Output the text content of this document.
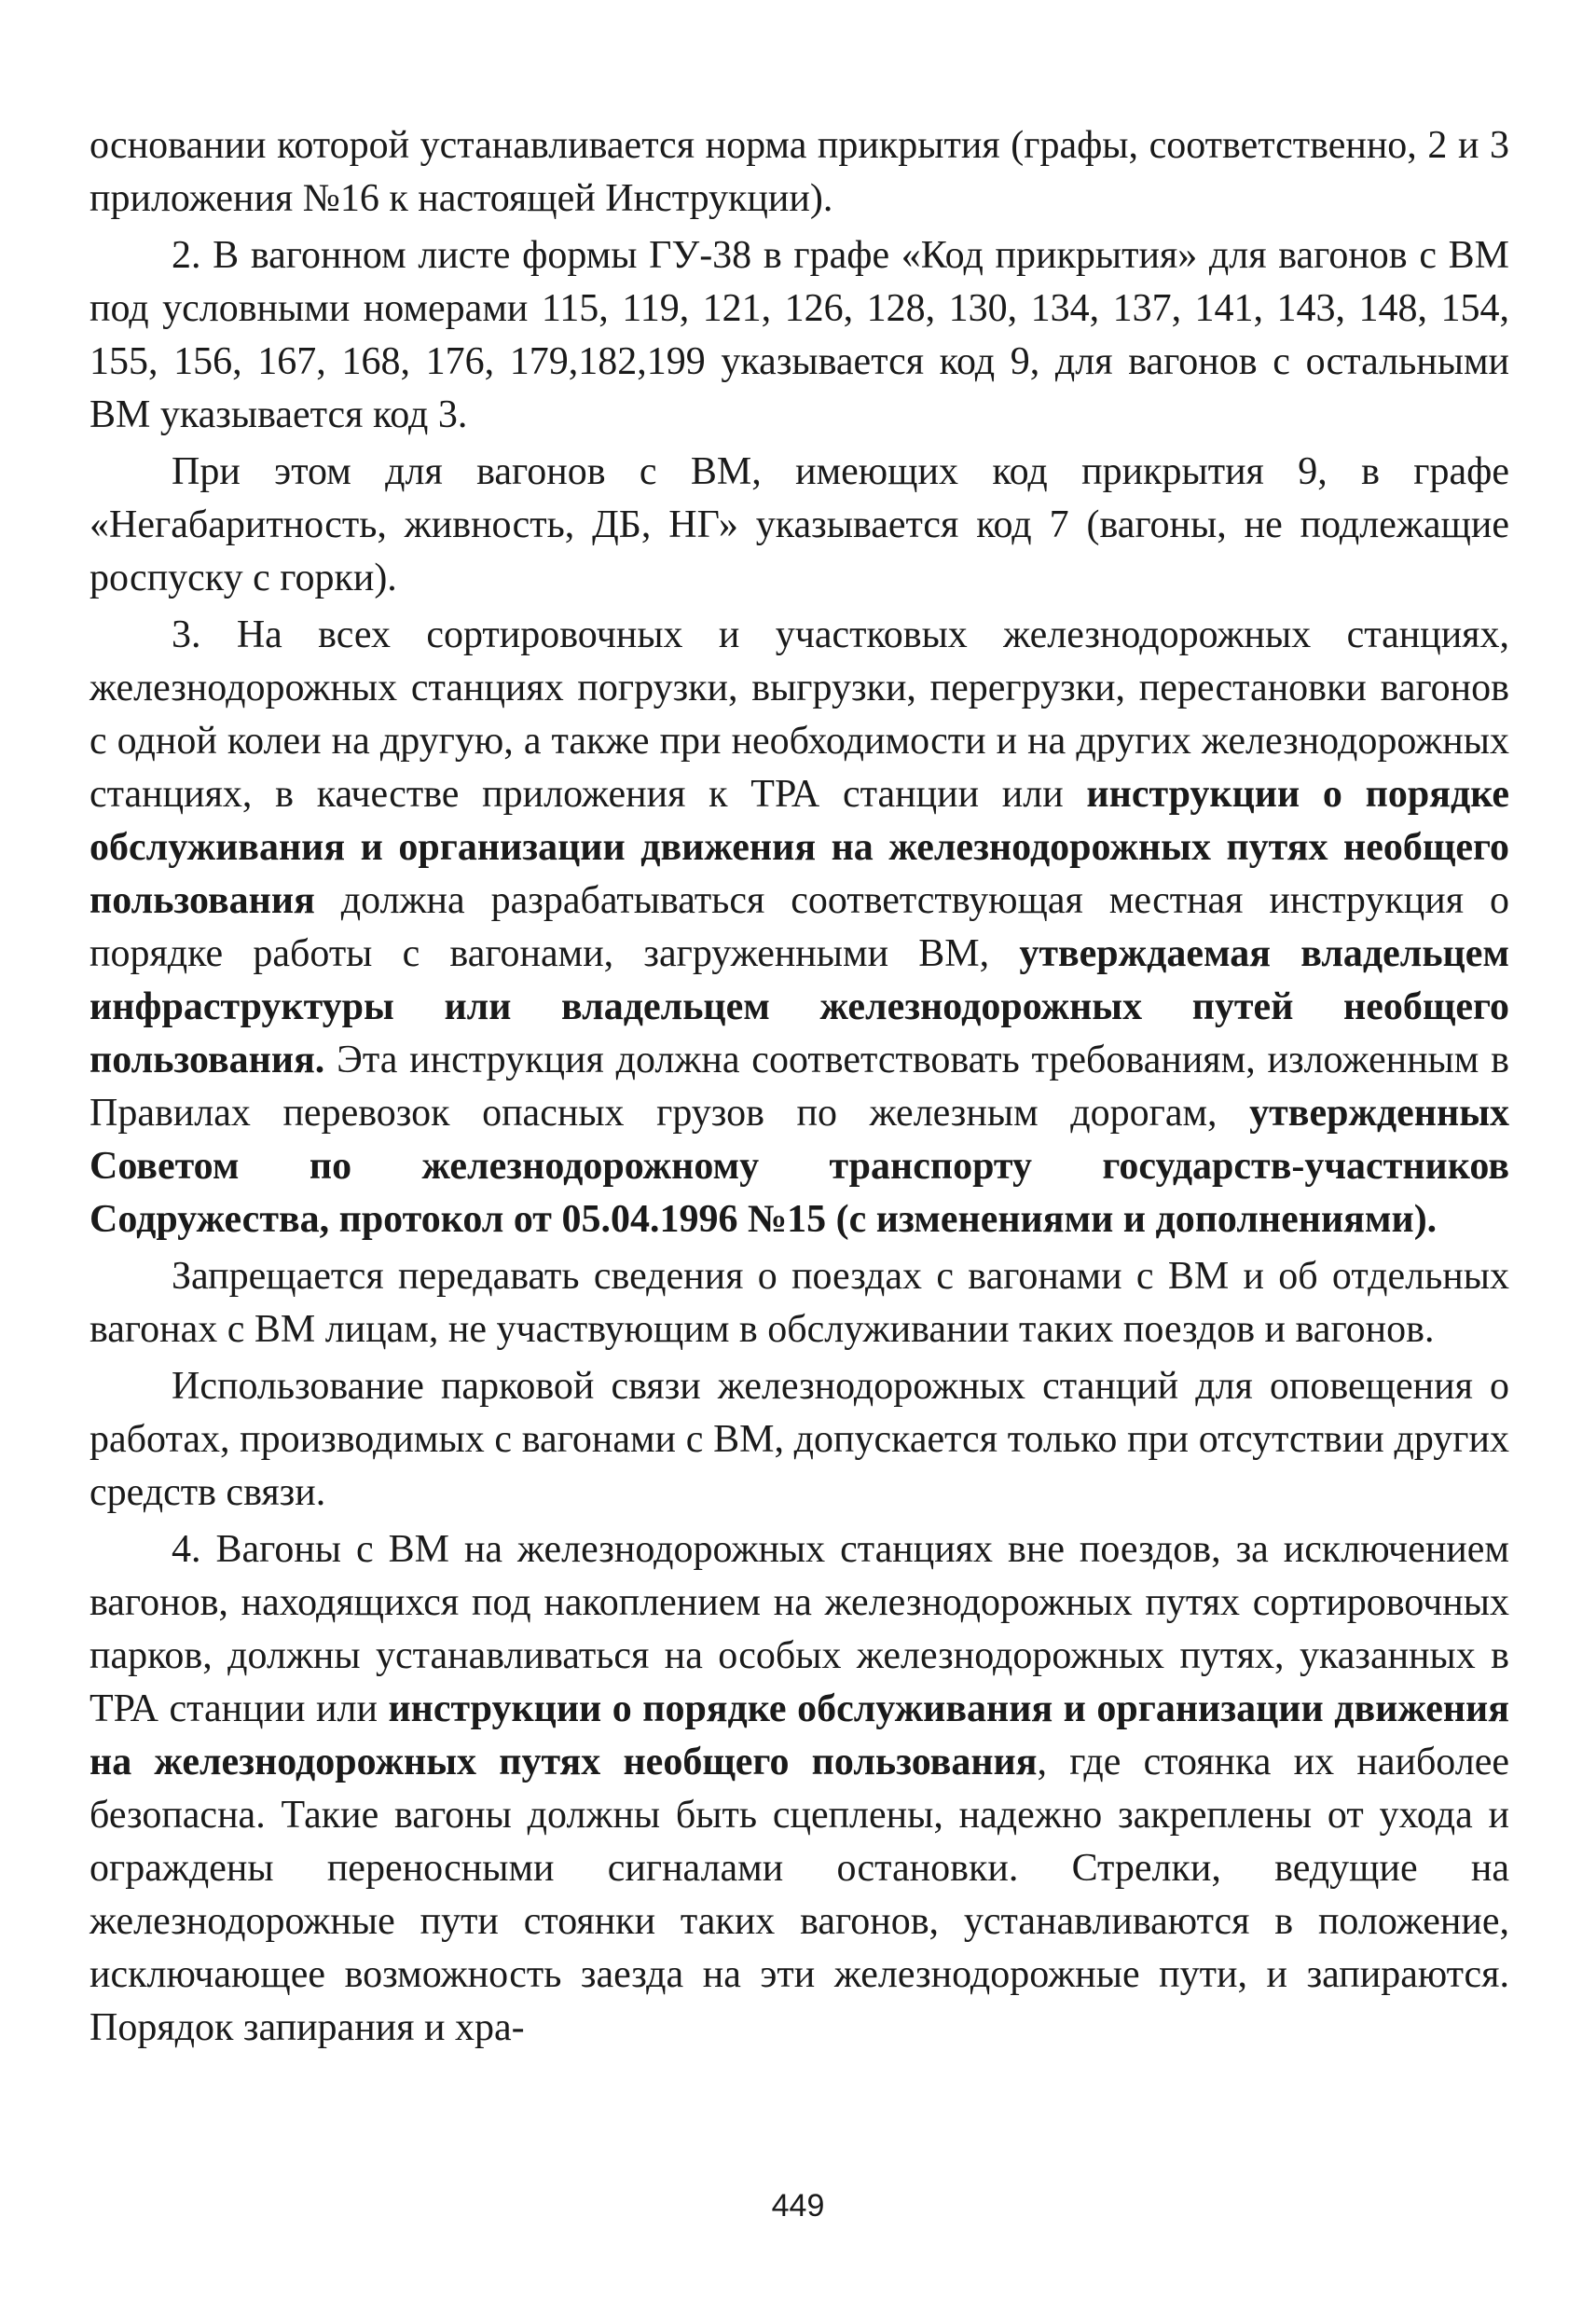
основании которой устанавливается норма прикрытия (графы, соответственно, 2 и 3 приложения №16 к настоящей Инструкции).

2. В вагонном листе формы ГУ-38 в графе «Код прикрытия» для вагонов с ВМ под условными номерами 115, 119, 121, 126, 128, 130, 134, 137, 141, 143, 148, 154, 155, 156, 167, 168, 176, 179,182,199 указывается код 9, для вагонов с остальными ВМ указывается код 3.

При этом для вагонов с ВМ, имеющих код прикрытия 9, в графе «Негабаритность, живность, ДБ, НГ» указывается код 7 (вагоны, не подлежащие роспуску с горки).

3. На всех сортировочных и участковых железнодорожных станциях, железнодорожных станциях погрузки, выгрузки, перегрузки, перестановки вагонов с одной колеи на другую, а также при необходимости и на других железнодорожных станциях, в качестве приложения к ТРА станции или инструкции о порядке обслуживания и организации движения на железнодорожных путях необщего пользования должна разрабатываться соответствующая местная инструкция о порядке работы с вагонами, загруженными ВМ, утверждаемая владельцем инфраструктуры или владельцем железнодорожных путей необщего пользования. Эта инструкция должна соответствовать требованиям, изложенным в Правилах перевозок опасных грузов по железным дорогам, утвержденных Советом по железнодорожному транспорту государств-участников Содружества, протокол от 05.04.1996 №15 (с изменениями и дополнениями).

Запрещается передавать сведения о поездах с вагонами с ВМ и об отдельных вагонах с ВМ лицам, не участвующим в обслуживании таких поездов и вагонов.

Использование парковой связи железнодорожных станций для оповещения о работах, производимых с вагонами с ВМ, допускается только при отсутствии других средств связи.

4. Вагоны с ВМ на железнодорожных станциях вне поездов, за исключением вагонов, находящихся под накоплением на железнодорожных путях сортировочных парков, должны устанавливаться на особых железнодорожных путях, указанных в ТРА станции или инструкции о порядке обслуживания и организации движения на железнодорожных путях необщего пользования, где стоянка их наиболее безопасна. Такие вагоны должны быть сцеплены, надежно закреплены от ухода и ограждены переносными сигналами остановки. Стрелки, ведущие на железнодорожные пути стоянки таких вагонов, устанавливаются в положение, исключающее возможность заезда на эти железнодорожные пути, и запираются. Порядок запирания и хра-

449
